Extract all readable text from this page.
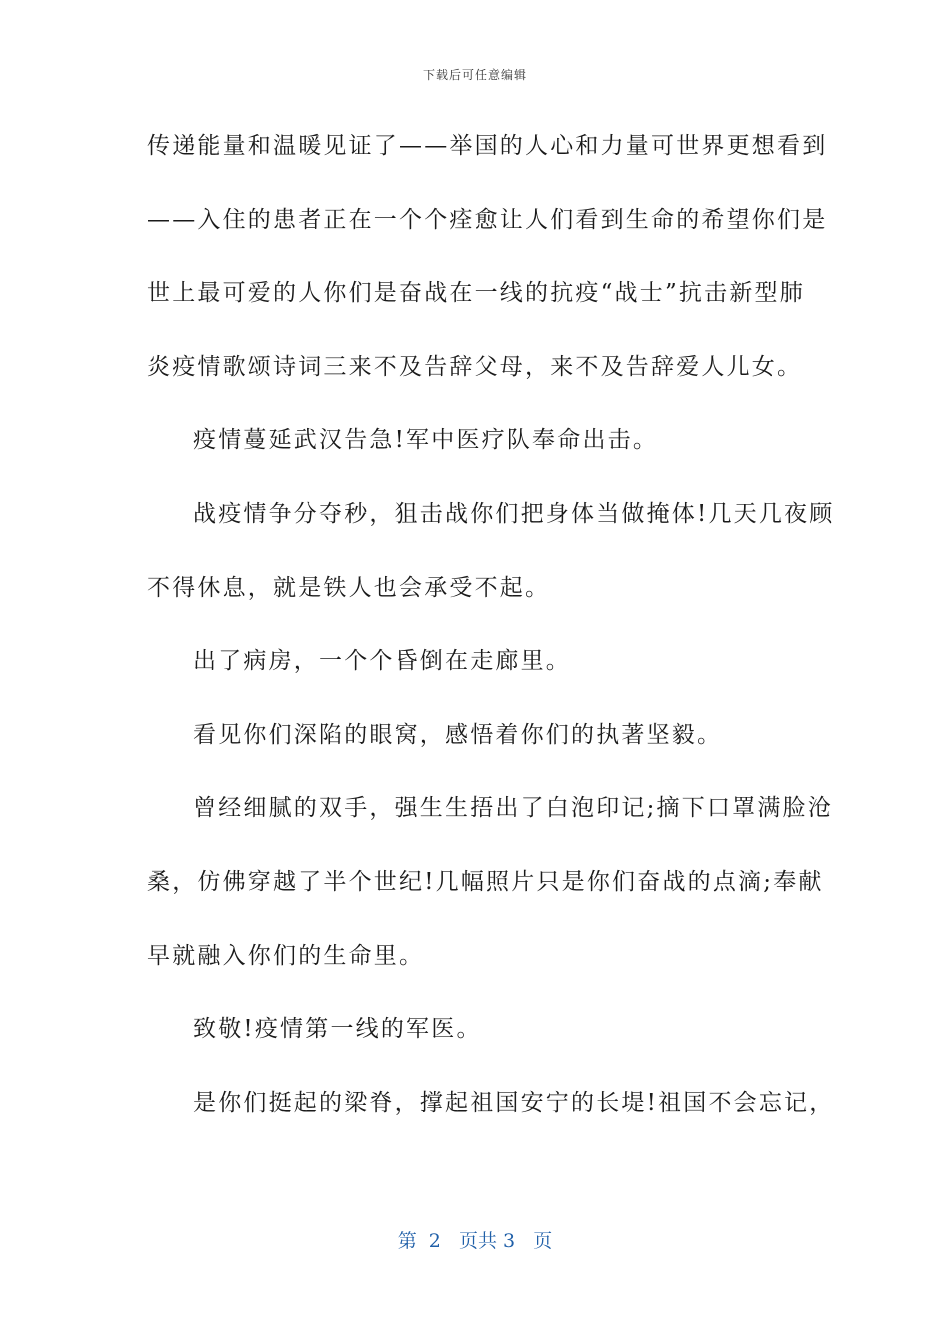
下载后可任意编辑
传递能量和温暖见证了——举国的人心和力量可世界更想看到
——入住的患者正在一个个痊愈让人们看到生命的希望你们是
世上最可爱的人你们是奋战在一线的抗疫“战士”抗击新型肺
炎疫情歌颂诗词三来不及告辞父母，来不及告辞爱人儿女。
疫情蔓延武汉告急!军中医疗队奉命出击。
战疫情争分夺秒，狙击战你们把身体当做掩体!几天几夜顾
不得休息，就是铁人也会承受不起。
出了病房，一个个昏倒在走廊里。
看见你们深陷的眼窝，感悟着你们的执著坚毅。
曾经细腻的双手，强生生捂出了白泡印记;摘下口罩满脸沧
桑，仿佛穿越了半个世纪!几幅照片只是你们奋战的点滴;奉献
早就融入你们的生命里。
致敬!疫情第一线的军医。
是你们挺起的梁脊，撑起祖国安宁的长堤!祖国不会忘记，
第  2   页共 3   页
